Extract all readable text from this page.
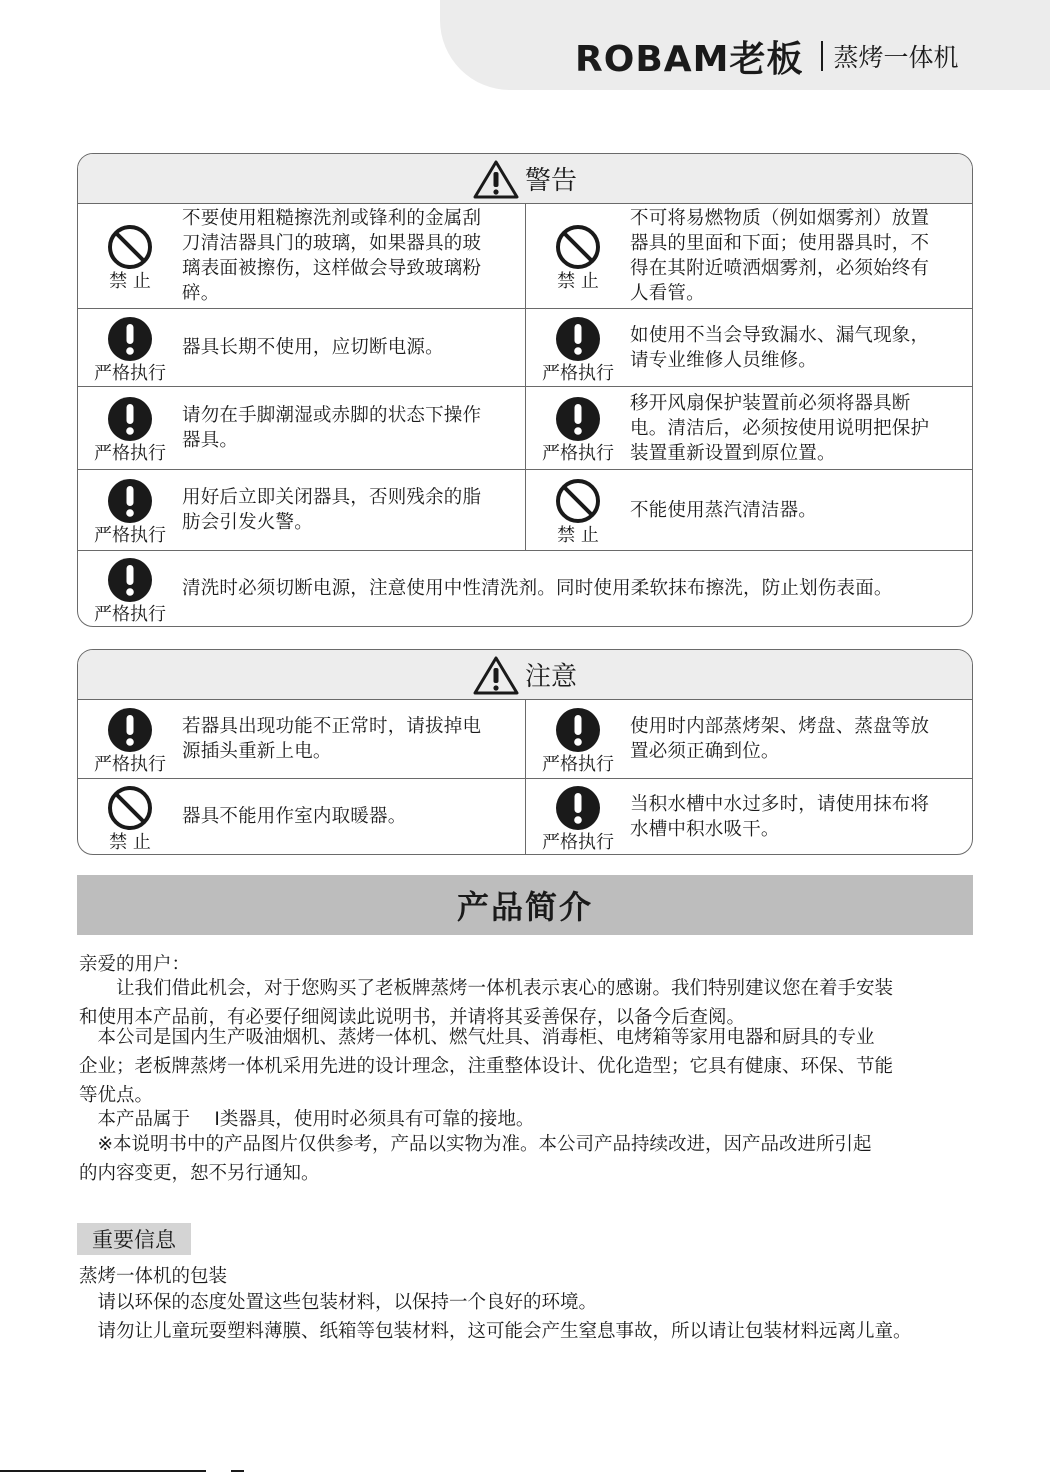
ROBAM老板 蒸烤一体机
警告
禁 止
不要使用粗糙擦洗剂或锋利的金属刮
刀清洁器具门的玻璃，如果器具的玻
璃表面被擦伤，这样做会导致玻璃粉
碎。
禁 止
不可将易燃物质（例如烟雾剂）放置
器具的里面和下面；使用器具时，不
得在其附近喷洒烟雾剂，必须始终有
人看管。
严格执行
器具长期不使用，应切断电源。
严格执行
如使用不当会导致漏水、漏气现象，
请专业维修人员维修。
严格执行
请勿在手脚潮湿或赤脚的状态下操作
器具。
严格执行
移开风扇保护装置前必须将器具断
电。清洁后，必须按使用说明把保护
装置重新设置到原位置。
严格执行
用好后立即关闭器具，否则残余的脂
肪会引发火警。
禁 止
不能使用蒸汽清洁器。
严格执行
清洗时必须切断电源，注意使用中性清洗剂。同时使用柔软抹布擦洗，防止划伤表面。
注意
严格执行
若器具出现功能不正常时，请拔掉电
源插头重新上电。
严格执行
使用时内部蒸烤架、烤盘、蒸盘等放
置必须正确到位。
禁 止
器具不能用作室内取暖器。
严格执行
当积水槽中水过多时，请使用抹布将
水槽中积水吸干。
产品简介
亲爱的用户：
　　让我们借此机会，对于您购买了老板牌蒸烤一体机表示衷心的感谢。我们特别建议您在着手安装
和使用本产品前，有必要仔细阅读此说明书，并请将其妥善保存，以备今后查阅。
　本公司是国内生产吸油烟机、蒸烤一体机、燃气灶具、消毒柜、电烤箱等家用电器和厨具的专业
企业；老板牌蒸烤一体机采用先进的设计理念，注重整体设计、优化造型；它具有健康、环保、节能
等优点。
　本产品属于　 Ⅰ类器具，使用时必须具有可靠的接地。
　※本说明书中的产品图片仅供参考，产品以实物为准。本公司产品持续改进，因产品改进所引起
的内容变更，恕不另行通知。
重要信息
蒸烤一体机的包装
　请以环保的态度处置这些包装材料，以保持一个良好的环境。
　请勿让儿童玩耍塑料薄膜、纸箱等包装材料，这可能会产生窒息事故，所以请让包装材料远离儿童。
